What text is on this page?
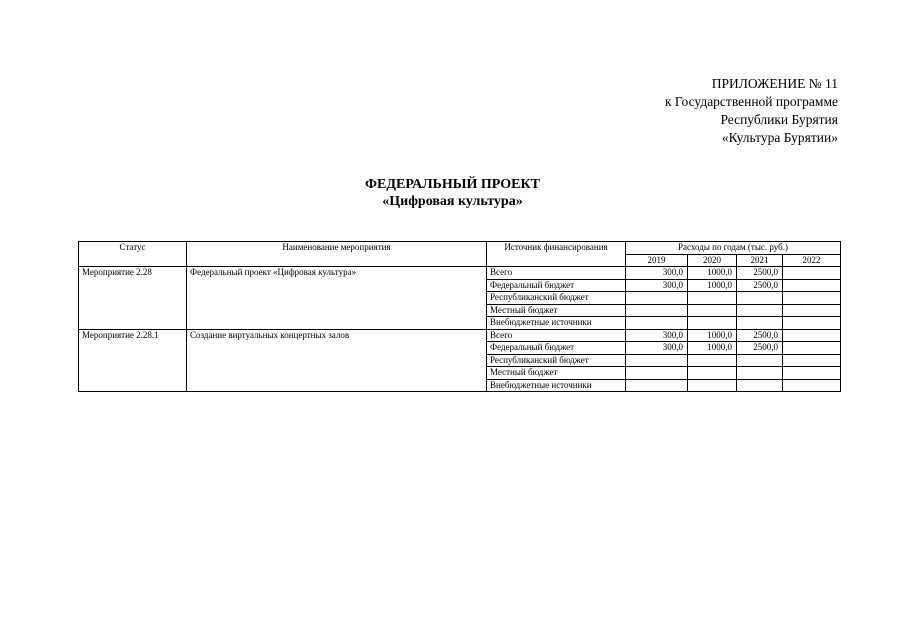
ПРИЛОЖЕНИЕ № 11
к Государственной программе
Республики Бурятия
«Культура Бурятии»
ФЕДЕРАЛЬНЫЙ ПРОЕКТ
«Цифровая культура»
Статус	Наименование мероприятия	Источник финансирования	Расходы по годам (тыс. руб.)			
			2019	2020	2021	2022
Мероприятие 2.28	Федеральный проект «Цифровая культура»	Всего	300,0	1000,0	2500,0	
		Федеральный бюджет	300,0	1000,0	2500,0	
		Республиканский бюджет				
		Местный бюджет				
		Внебюджетные источники				
Мероприятие 2.28.1	Создание виртуальных концертных залов	Всего	300,0	1000,0	2500,0	
		Федеральный бюджет	300,0	1000,0	2500,0	
		Республиканский бюджет				
		Местный бюджет				
		Внебюджетные источники				
